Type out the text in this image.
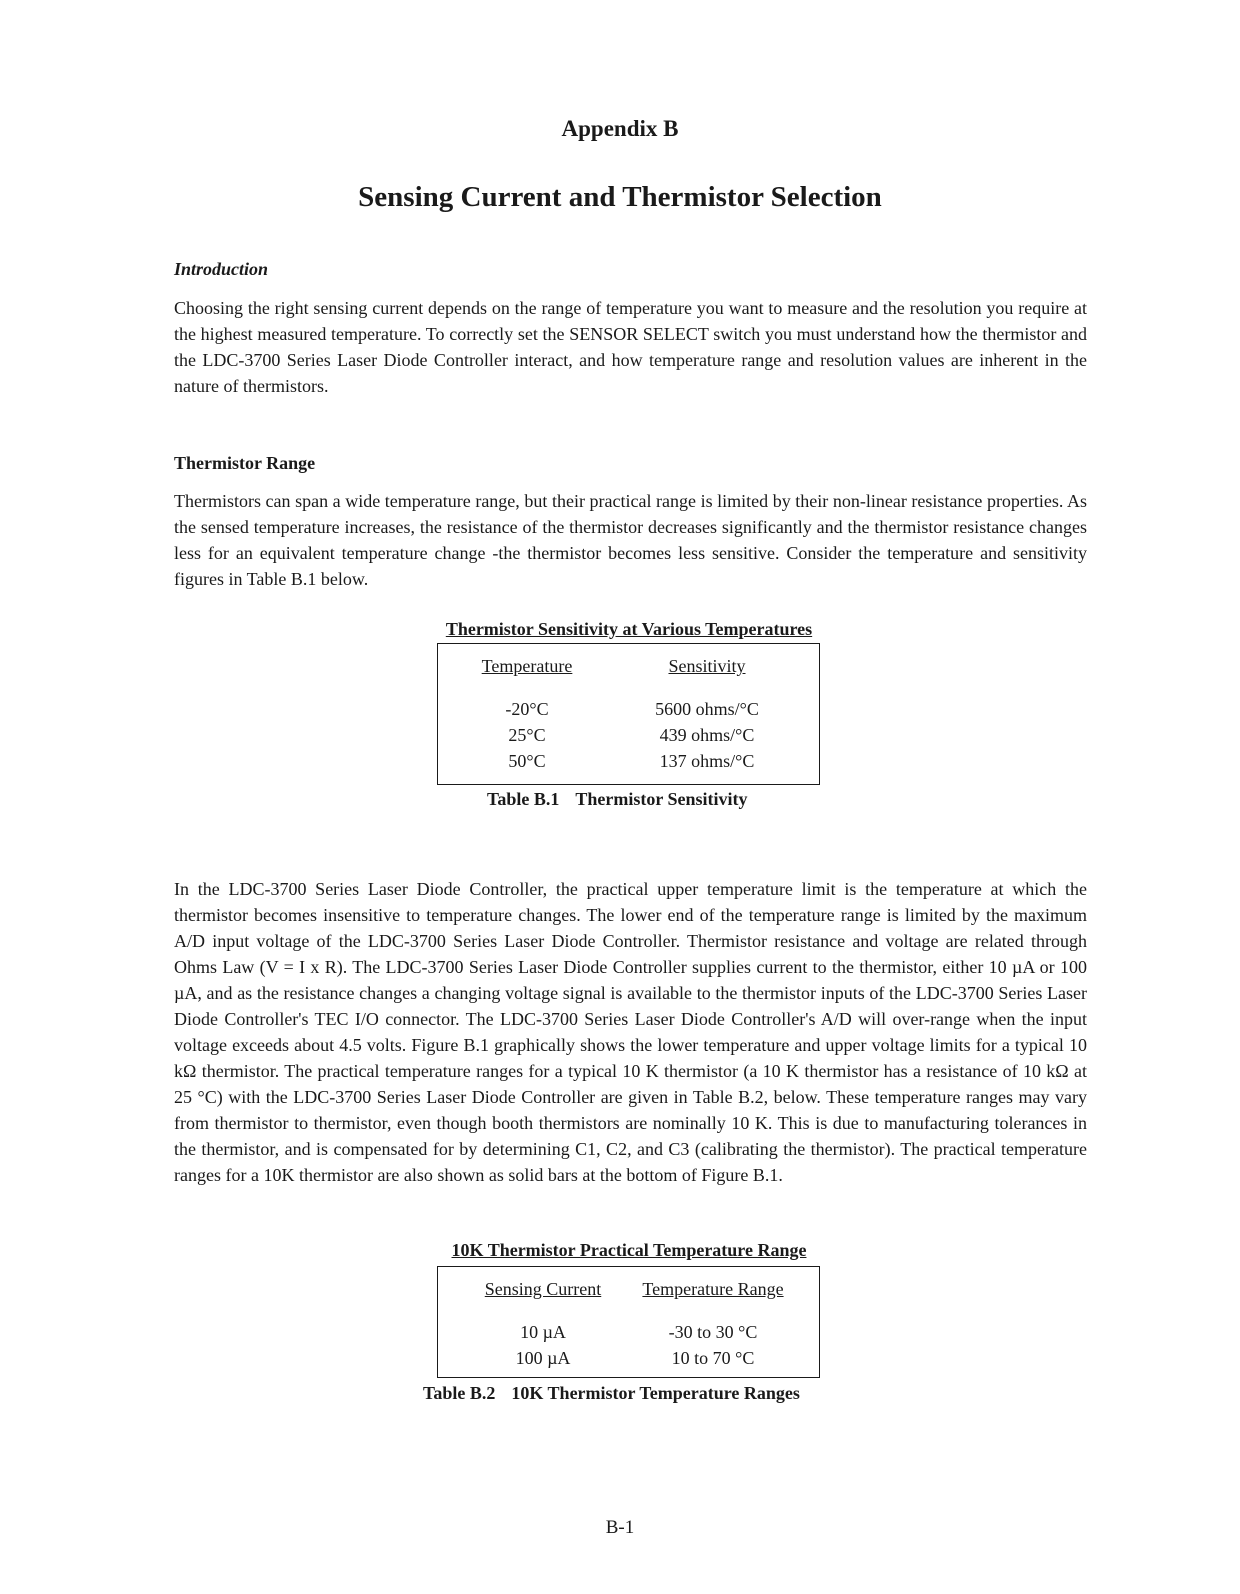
Appendix B
Sensing Current and Thermistor Selection
Introduction

Choosing the right sensing current depends on the range of temperature you want to measure and the resolution you require at the highest measured temperature. To correctly set the SENSOR SELECT switch you must understand how the thermistor and the LDC-3700 Series Laser Diode Controller interact, and how temperature range and resolution values are inherent in the nature of thermistors.

Thermistor Range

Thermistors can span a wide temperature range, but their practical range is limited by their non-linear resistance properties. As the sensed temperature increases, the resistance of the thermistor decreases significantly and the thermistor resistance changes less for an equivalent temperature change -the thermistor becomes less sensitive. Consider the temperature and sensitivity figures in Table B.1 below.

Thermistor Sensitivity at Various Temperatures
Temperature	Sensitivity
-20°C	5600 ohms/°C
25°C	439 ohms/°C
50°C	137 ohms/°C
Table B.1 Thermistor Sensitivity

In the LDC-3700 Series Laser Diode Controller, the practical upper temperature limit is the temperature at which the thermistor becomes insensitive to temperature changes. The lower end of the temperature range is limited by the maximum A/D input voltage of the LDC-3700 Series Laser Diode Controller. Thermistor resistance and voltage are related through Ohms Law (V = I x R). The LDC-3700 Series Laser Diode Controller supplies current to the thermistor, either 10 µA or 100 µA, and as the resistance changes a changing voltage signal is available to the thermistor inputs of the LDC-3700 Series Laser Diode Controller's TEC I/O connector. The LDC-3700 Series Laser Diode Controller's A/D will over-range when the input voltage exceeds about 4.5 volts. Figure B.1 graphically shows the lower temperature and upper voltage limits for a typical 10 kΩ thermistor. The practical temperature ranges for a typical 10 K thermistor (a 10 K thermistor has a resistance of 10 kΩ at 25 °C) with the LDC-3700 Series Laser Diode Controller are given in Table B.2, below. These temperature ranges may vary from thermistor to thermistor, even though booth thermistors are nominally 10 K. This is due to manufacturing tolerances in the thermistor, and is compensated for by determining C1, C2, and C3 (calibrating the thermistor). The practical temperature ranges for a 10K thermistor are also shown as solid bars at the bottom of Figure B.1.

10K Thermistor Practical Temperature Range
Sensing Current	Temperature Range
10 µA	-30 to 30 °C
100 µA	10 to 70 °C
Table B.2 10K Thermistor Temperature Ranges
B-1
